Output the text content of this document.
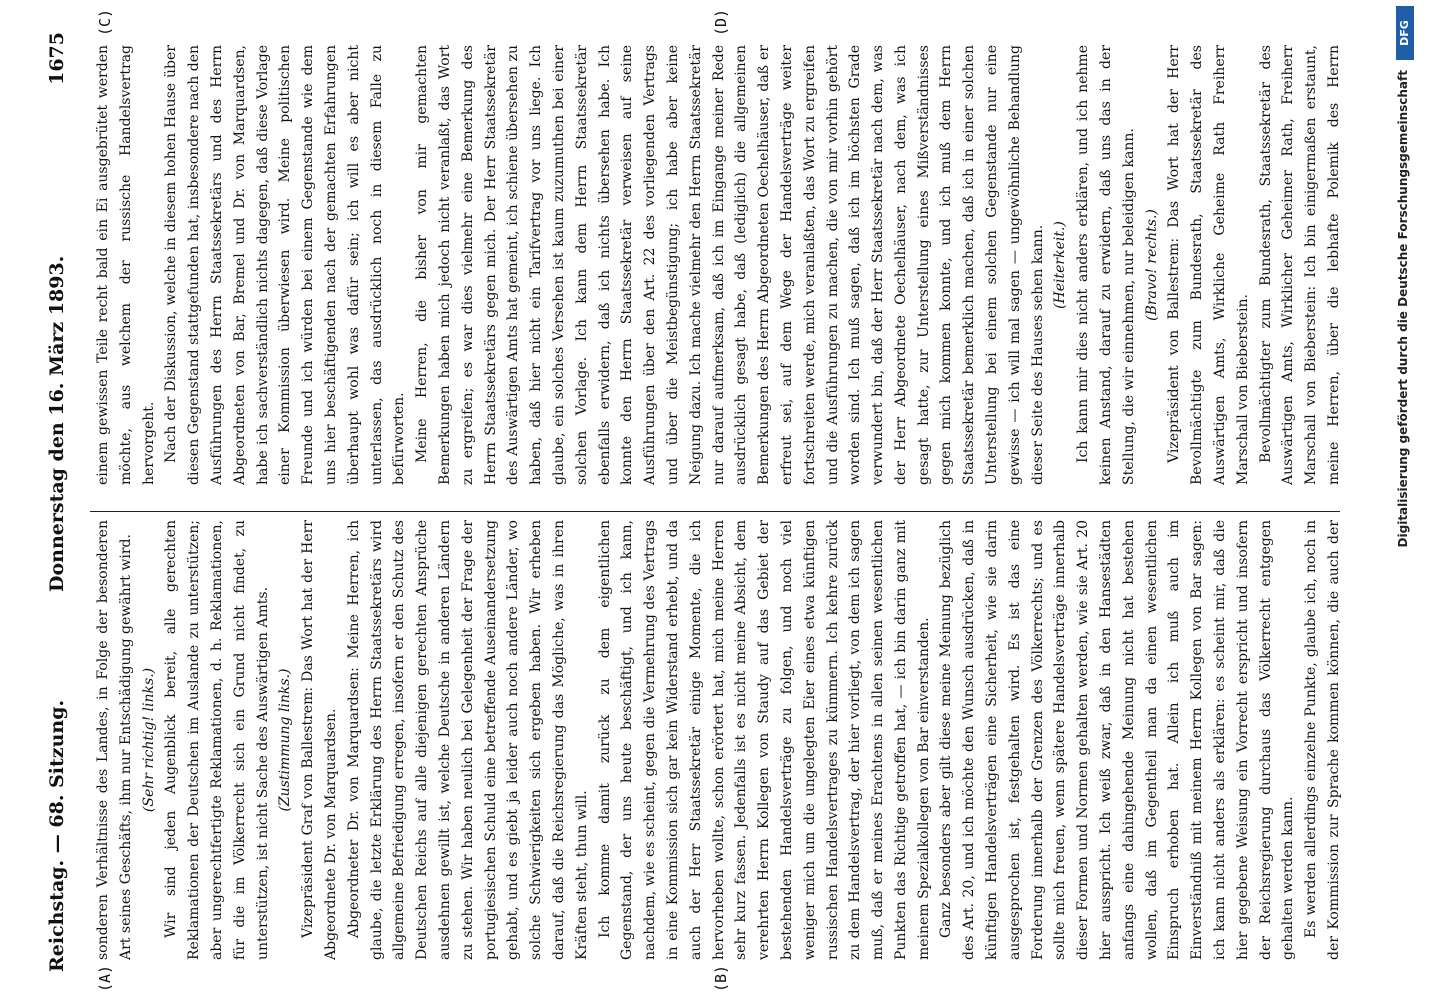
Reichstag. — 68. Sitzung.
Donnerstag den 16. März 1893.
1675
(A)	(B)
(C)	(D)

sonderen Verhältnisse des Landes, in Folge der besonderen Art seines Geschäfts, ihm nur Entschädigung gewährt wird. (Sehr richtig! links.) Wir sind jeden Augenblick bereit, alle gerechten Reklamationen der Deutschen im Auslande zu unterstützen; aber ungerechtfertigte Reklamationen, d. h. Reklamationen, für die im Völkerrecht sich ein Grund nicht findet, zu unterstützen, ist nicht Sache des Auswärtigen Amts. (Zustimmung links.) Vizepräsident Graf von Ballestrem: Das Wort hat der Herr Abgeordnete Dr. von Marquardsen. Abgeordneter Dr. von Marquardsen: Meine Herren, ich glaube, die letzte Erklärung des Herrn Staatssekretärs wird allgemeine Befriedigung erregen, insofern er den Schutz des Deutschen Reichs auf alle diejenigen gerechten Ansprüche ausdehnen gewillt ist, welche Deutsche in anderen Ländern zu stehen. Wir haben neulich bei Gelegenheit der Frage der portugiesischen Schuld eine betreffende Auseinandersetzung gehabt, und es giebt ja leider auch noch andere Länder, wo solche Schwierigkeiten sich ergeben haben. Wir erheben darauf, daß die Reichsregierung das Mögliche, was in ihren Kräften steht, thun will. Ich komme damit zurück zu dem eigentlichen Gegenstand, der uns heute beschäftigt, und ich kann, nachdem, wie es scheint, gegen die Vermehrung des Vertrags in eine Kommission sich gar kein Widerstand erhebt, und da auch der Herr Staatssekretär einige Momente, die ich hervorheben wollte, schon erörtert hat, mich meine Herren sehr kurz fassen. Jedenfalls ist es nicht meine Absicht, dem verehrten Herrn Kollegen von Staudy auf das Gebiet der bestehenden Handelsverträge zu folgen, und noch viel weniger mich um die ungelegten Eier eines etwa künftigen russischen Handelsvertrages zu kümmern. Ich kehre zurück zu dem Handelsvertrag, der hier vorliegt, von dem ich sagen muß, daß er meines Erachtens in allen seinen wesentlichen Punkten das Richtige getroffen hat, — ich bin darin ganz mit meinem Spezialkollegen von Bar einverstanden. Ganz besonders aber gilt diese meine Meinung bezüglich des Art. 20, und ich möchte den Wunsch ausdrücken, daß in künftigen Handelsverträgen eine Sicherheit, wie sie darin ausgesprochen ist, festgehalten wird. Es ist das eine Forderung innerhalb der Grenzen des Völkerrechts; und es sollte mich freuen, wenn spätere Handelsverträge innerhalb dieser Formen und Normen gehalten werden, wie sie Art. 20 hier ausspricht. Ich weiß zwar, daß in den Hansestädten anfangs eine dahingehende Meinung nicht hat bestehen wollen, daß im Gegentheil man da einen wesentlichen Einspruch erhoben hat. Allein ich muß auch im Einverständniß mit meinem Herrn Kollegen von Bar sagen: ich kann nicht anders als erklären: es scheint mir, daß die hier gegebene Weisung ein Vorrecht erspricht und insofern der Reichsregierung durchaus das Völkerrecht entgegen gehalten werden kann. Es werden allerdings einzelne Punkte, glaube ich, noch in der Kommission zur Sprache kommen können, die auch der

einem gewissen Teile recht bald ein Ei ausgebrütet werden möchte, aus welchem der russische Handelsvertrag hervorgeht. Nach der Diskussion, welche in diesem hohen Hause über diesen Gegenstand stattgefunden hat, insbesondere nach den Ausführungen des Herrn Staatssekretärs und des Herrn Abgeordneten von Bar, Bremel und Dr. von Marquardsen, habe ich sachverständlich nichts dagegen, daß diese Vorlage einer Kommission überwiesen wird. Meine politischen Freunde und ich würden bei einem Gegenstande wie dem uns hier beschäftigenden nach der gemachten Erfahrungen überhaupt wohl was dafür sein; ich will es aber nicht unterlassen, das ausdrücklich noch in diesem Falle zu befürworten. Meine Herren, die bisher von mir gemachten Bemerkungen haben mich jedoch nicht veranlaßt, das Wort zu ergreifen; es war dies vielmehr eine Bemerkung des Herrn Staatssekretärs gegen mich. Der Herr Staatssekretär des Auswärtigen Amts hat gemeint, ich schiene übersehen zu haben, daß hier nicht ein Tarifvertrag vor uns liege. Ich glaube, ein solches Versehen ist kaum zuzumuthen bei einer solchen Vorlage. Ich kann dem Herrn Staatssekretär ebenfalls erwidern, daß ich nichts übersehen habe. Ich konnte den Herrn Staatssekretär verweisen auf seine Ausführungen über den Art. 22 des vorliegenden Vertrags und über die Meistbegünstigung; ich habe aber keine Neigung dazu. Ich mache vielmehr den Herrn Staatssekretär nur darauf aufmerksam, daß ich im Eingange meiner Rede ausdrücklich gesagt habe, daß (lediglich) die allgemeinen Bemerkungen des Herrn Abgeordneten Oechelhäuser, daß er erfreut sei, auf dem Wege der Handelsverträge weiter fortschreiten werde, mich veranlaßten, das Wort zu ergreifen und die Ausführungen zu machen, die von mir vorhin gehört worden sind. Ich muß sagen, daß ich im höchsten Grade verwundert bin, daß der Herr Staatssekretär nach dem, was der Herr Abgeordnete Oechelhäuser, nach dem, was ich gesagt hatte, zur Unterstellung eines Mißverständnisses gegen mich kommen konnte, und ich muß dem Herrn Staatssekretär bemerklich machen, daß ich in einer solchen Unterstellung bei einem solchen Gegenstande nur eine gewisse — ich will mal sagen — ungewöhnliche Behandlung dieser Seite des Hauses sehen kann. (Heiterkeit.) Ich kann mir dies nicht anders erklären, und ich nehme keinen Anstand, darauf zu erwidern, daß uns das in der Stellung, die wir einnehmen, nur beleidigen kann. (Bravo! rechts.) Vizepräsident von Ballestrem: Das Wort hat der Herr Bevollmächtigte zum Bundesrath, Staatssekretär des Auswärtigen Amts, Wirkliche Geheime Rath Freiherr Marschall von Bieberstein. Bevollmächtigter zum Bundesrath, Staatssekretär des Auswärtigen Amts, Wirklicher Geheimer Rath, Freiherr Marschall von Bieberstein: Ich bin einigermaßen erstaunt, meine Herren, über die lebhafte Polemik des Herrn

Digitalisierung gefördert durch die Deutsche Forschungsgemeinschaft
DFG
